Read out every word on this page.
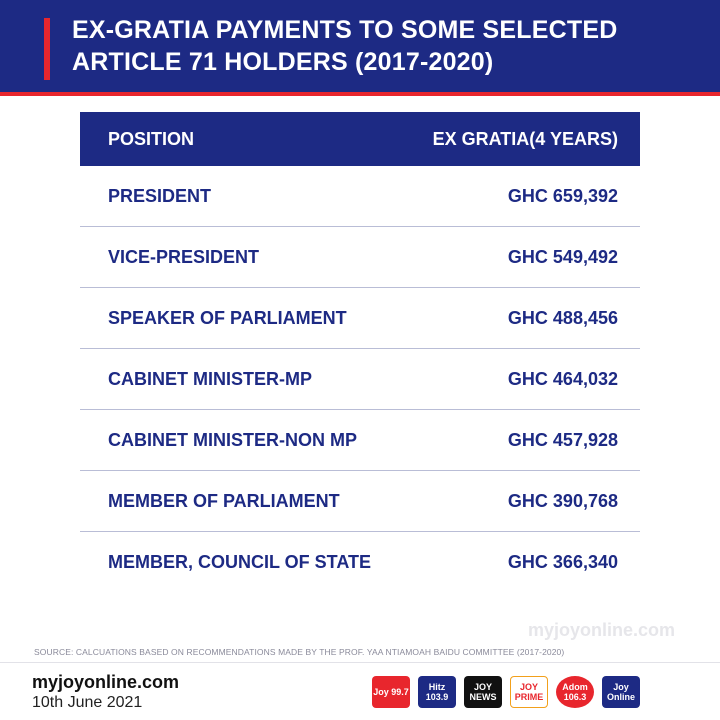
EX-GRATIA PAYMENTS TO SOME SELECTED ARTICLE 71 HOLDERS (2017-2020)
POSITION	EX GRATIA(4 YEARS)
PRESIDENT	GHC 659,392
VICE-PRESIDENT	GHC 549,492
SPEAKER OF PARLIAMENT	GHC 488,456
CABINET MINISTER-MP	GHC 464,032
CABINET MINISTER-NON MP	GHC 457,928
MEMBER OF PARLIAMENT	GHC 390,768
MEMBER, COUNCIL OF STATE	GHC 366,340
myjoyonline.com
SOURCE: CALCUATIONS BASED ON RECOMMENDATIONS MADE BY THE PROF. YAA NTIAMOAH BAIDU COMMITTEE (2017-2020)
myjoyonline.com
10th June 2021
Joy 99.7	Hitz 103.9
JOY NEWS
JOY PRIME
Adom 106.3
Joy Online
